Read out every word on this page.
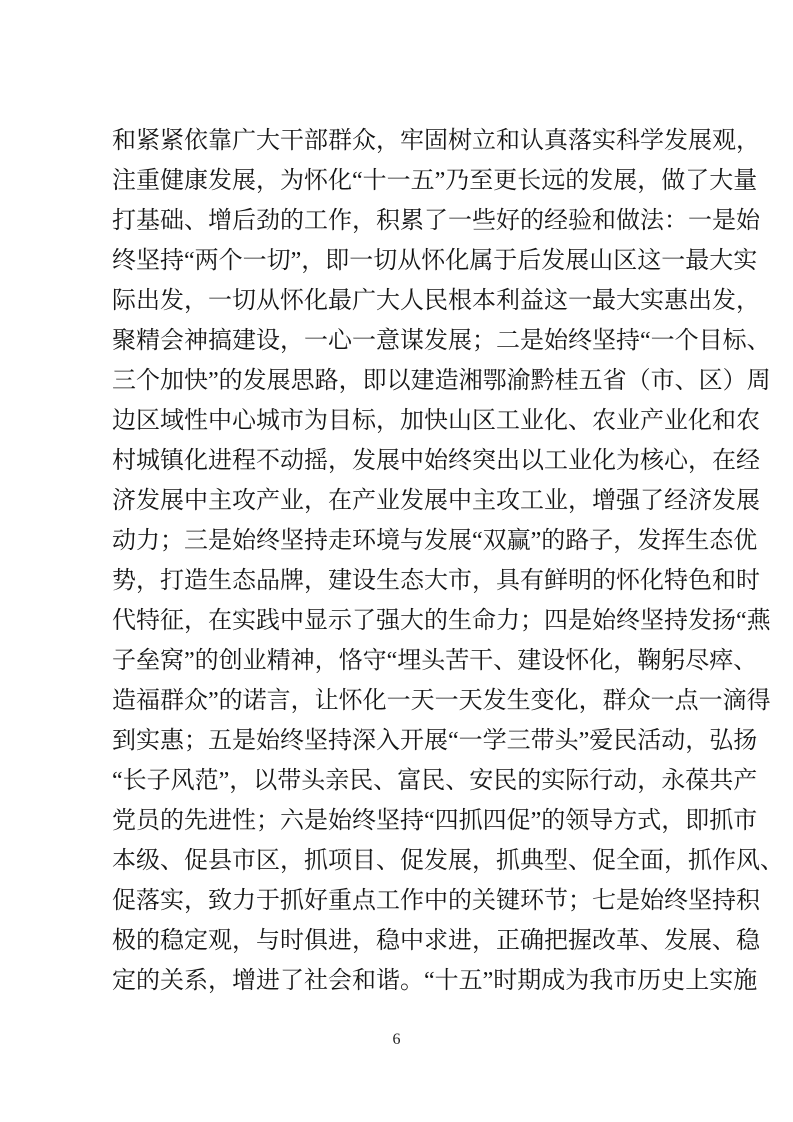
和紧紧依靠广大干部群众，牢固树立和认真落实科学发展观，
注重健康发展，为怀化“十一五”乃至更长远的发展，做了大量
打基础、增后劲的工作，积累了一些好的经验和做法：一是始
终坚持“两个一切”，即一切从怀化属于后发展山区这一最大实
际出发，一切从怀化最广大人民根本利益这一最大实惠出发，
聚精会神搞建设，一心一意谋发展；二是始终坚持“一个目标、
三个加快”的发展思路，即以建造湘鄂渝黔桂五省（市、区）周
边区域性中心城市为目标，加快山区工业化、农业产业化和农
村城镇化进程不动摇，发展中始终突出以工业化为核心，在经
济发展中主攻产业，在产业发展中主攻工业，增强了经济发展
动力；三是始终坚持走环境与发展“双赢”的路子，发挥生态优
势，打造生态品牌，建设生态大市，具有鲜明的怀化特色和时
代特征，在实践中显示了强大的生命力；四是始终坚持发扬“燕
子垒窝”的创业精神，恪守“埋头苦干、建设怀化，鞠躬尽瘁、
造福群众”的诺言，让怀化一天一天发生变化，群众一点一滴得
到实惠；五是始终坚持深入开展“一学三带头”爱民活动，弘扬
“长子风范”，以带头亲民、富民、安民的实际行动，永葆共产
党员的先进性；六是始终坚持“四抓四促”的领导方式，即抓市
本级、促县市区，抓项目、促发展，抓典型、促全面，抓作风、
促落实，致力于抓好重点工作中的关键环节；七是始终坚持积
极的稳定观，与时俱进，稳中求进，正确把握改革、发展、稳
定的关系，增进了社会和谐。“十五”时期成为我市历史上实施
6
